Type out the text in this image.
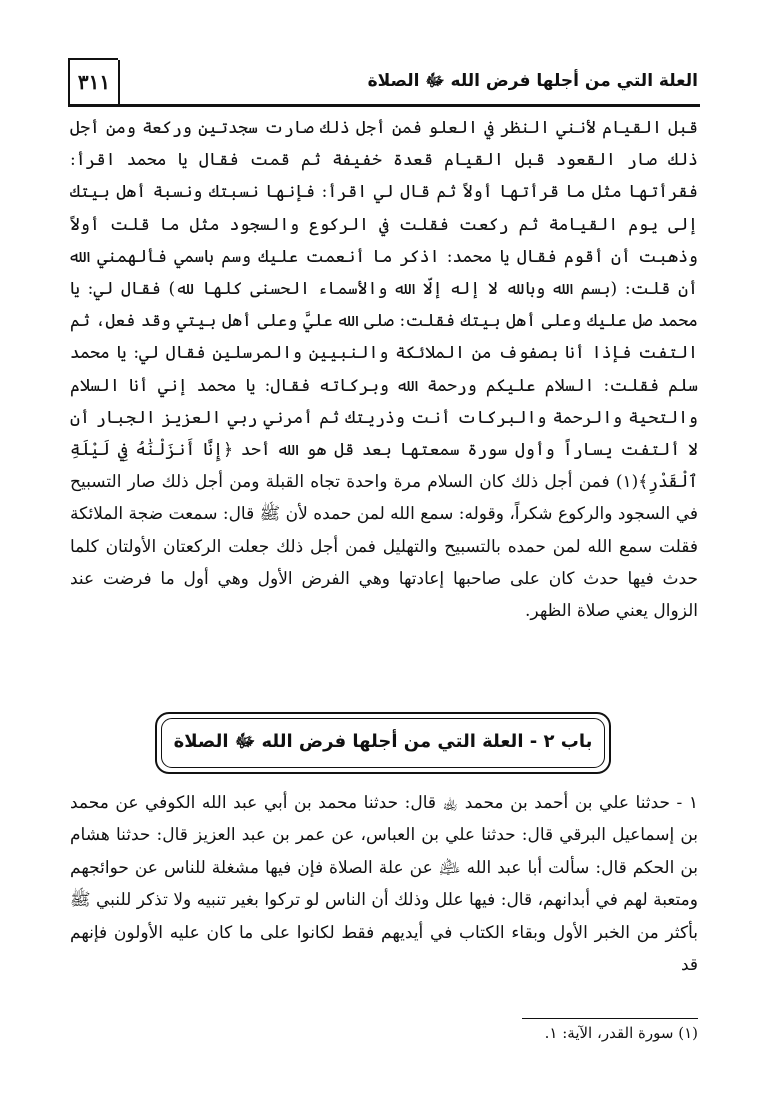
العلة التي من أجلها فرض الله ﷻ الصلاة
٣١١

قبل القيام لأنني النظر في العلو فمن أجل ذلك صارت سجدتين وركعة ومن أجل ذلك صار القعود قبل القيام قعدة خفيفة ثم قمت فقال يا محمد اقرأ: فقرأتها مثل ما قرأتها أولاً ثم قال لي اقرأ: فإنها نسبتك ونسبة أهل بيتك إلى يوم القيامة ثم ركعت فقلت في الركوع والسجود مثل ما قلت أولاً وذهبت أن أقوم فقال يا محمد: اذكر ما أنعمت عليك وسم باسمي فألهمني الله أن قلت: (بسم الله وبالله لا إله إلّا الله والأسماء الحسنى كلها لله) فقال لي: يا محمد صل عليك وعلى أهل بيتك فقلت: صلى الله عليَّ وعلى أهل بيتي وقد فعل، ثم التفت فإذا أنا بصفوف من الملائكة والنبيين والمرسلين فقال لي: يا محمد سلم فقلت: السلام عليكم ورحمة الله وبركاته فقال: يا محمد إني أنا السلام والتحية والرحمة والبركات أنت وذريتك ثم أمرني ربي العزيز الجبار أن لا ألتفت يساراً وأول سورة سمعتها بعد قل هو الله أحد ﴿إِنَّا أَنزَلْنَٰهُ فِي لَيْلَةِ ٱلْقَدْرِ﴾(١) فمن أجل ذلك كان السلام مرة واحدة تجاه القبلة ومن أجل ذلك صار التسبيح في السجود والركوع شكراً، وقوله: سمع الله لمن حمده لأن ﷺ قال: سمعت ضجة الملائكة فقلت سمع الله لمن حمده بالتسبيح والتهليل فمن أجل ذلك جعلت الركعتان الأولتان كلما حدث فيها حدث كان على صاحبها إعادتها وهي الفرض الأول وهي أول ما فرضت عند الزوال يعني صلاة الظهر.

باب ٢ - العلة التي من أجلها فرض الله ﷻ الصلاة

١ - حدثنا علي بن أحمد بن محمد ﵀ قال: حدثنا محمد بن أبي عبد الله الكوفي عن محمد بن إسماعيل البرقي قال: حدثنا علي بن العباس، عن عمر بن عبد العزيز قال: حدثنا هشام بن الحكم قال: سألت أبا عبد الله ﵇ عن علة الصلاة فإن فيها مشغلة للناس عن حوائجهم ومتعبة لهم في أبدانهم، قال: فيها علل وذلك أن الناس لو تركوا بغير تنبيه ولا تذكر للنبي ﷺ بأكثر من الخبر الأول وبقاء الكتاب في أيديهم فقط لكانوا على ما كان عليه الأولون فإنهم قد

(١) سورة القدر، الآية: ١.
